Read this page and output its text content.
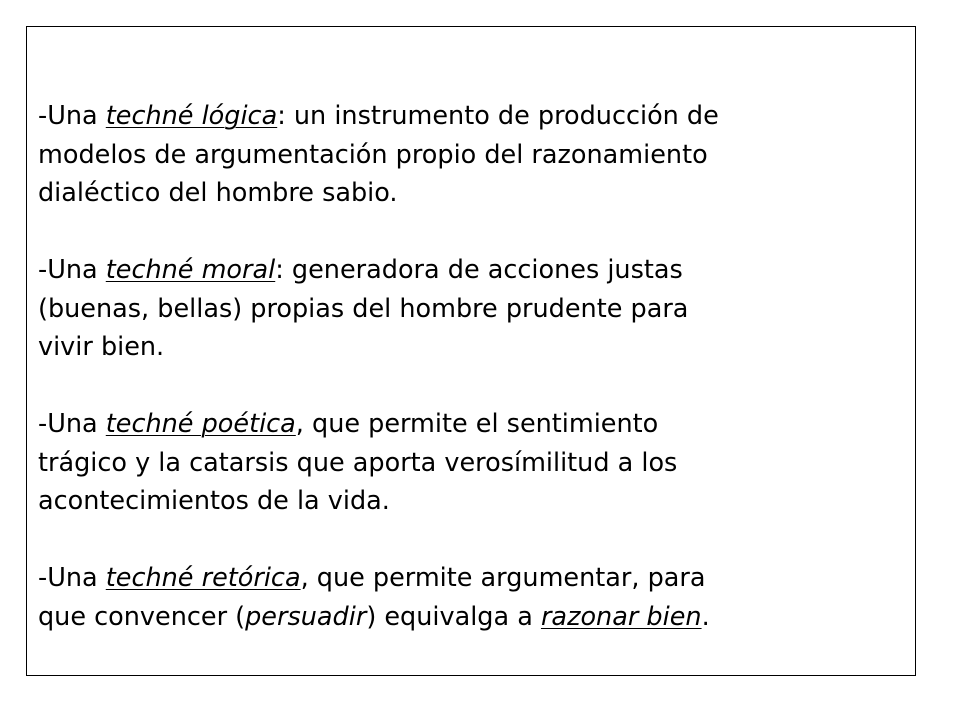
-Una techné lógica: un instrumento de producción de
modelos de argumentación propio del razonamiento
dialéctico del hombre sabio.
-Una techné moral: generadora de acciones justas
(buenas, bellas) propias del hombre prudente para
vivir bien.
-Una techné poética, que permite el sentimiento
trágico y la catarsis que aporta verosímilitud a los
acontecimientos de la vida.
-Una techné retórica, que permite argumentar, para
que convencer (persuadir) equivalga a razonar bien.
